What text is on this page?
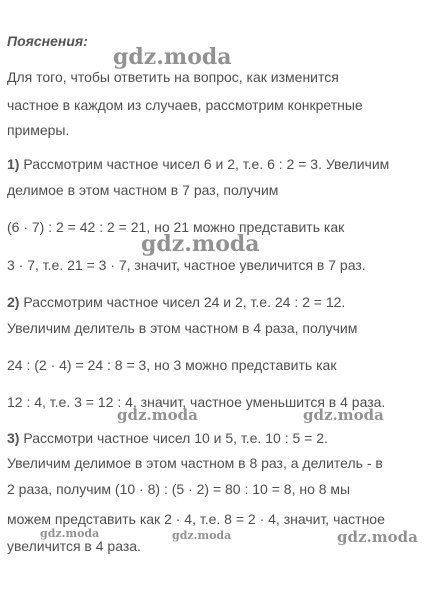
Пояснения:
Для того, чтобы ответить на вопрос, как изменится
частное в каждом из случаев, рассмотрим конкретные
примеры.
1) Рассмотрим частное чисел 6 и 2, т.е. 6 : 2 = 3. Увеличим
делимое в этом частном в 7 раз, получим
(6 · 7) : 2 = 42 : 2 = 21, но 21 можно представить как
3 · 7, т.е. 21 = 3 · 7, значит, частное увеличится в 7 раз.
2) Рассмотрим частное чисел 24 и 2, т.е. 24 : 2 = 12.
Увеличим делитель в этом частном в 4 раза, получим
24 : (2 · 4) = 24 : 8 = 3, но 3 можно представить как
12 : 4, т.е. 3 = 12 : 4, значит, частное уменьшится в 4 раза.
3) Рассмотри частное чисел 10 и 5, т.е. 10 : 5 = 2.
Увеличим делимое в этом частном в 8 раз, а делитель - в
2 раза, получим (10 · 8) : (5 · 2) = 80 : 10 = 8, но 8 мы
можем представить как 2 · 4, т.е. 8 = 2 · 4, значит, частное
увеличится в 4 раза.
gdz.moda
gdz.moda
gdz.moda	gdz.moda
gdz.moda	gdz.moda	gdz.moda
